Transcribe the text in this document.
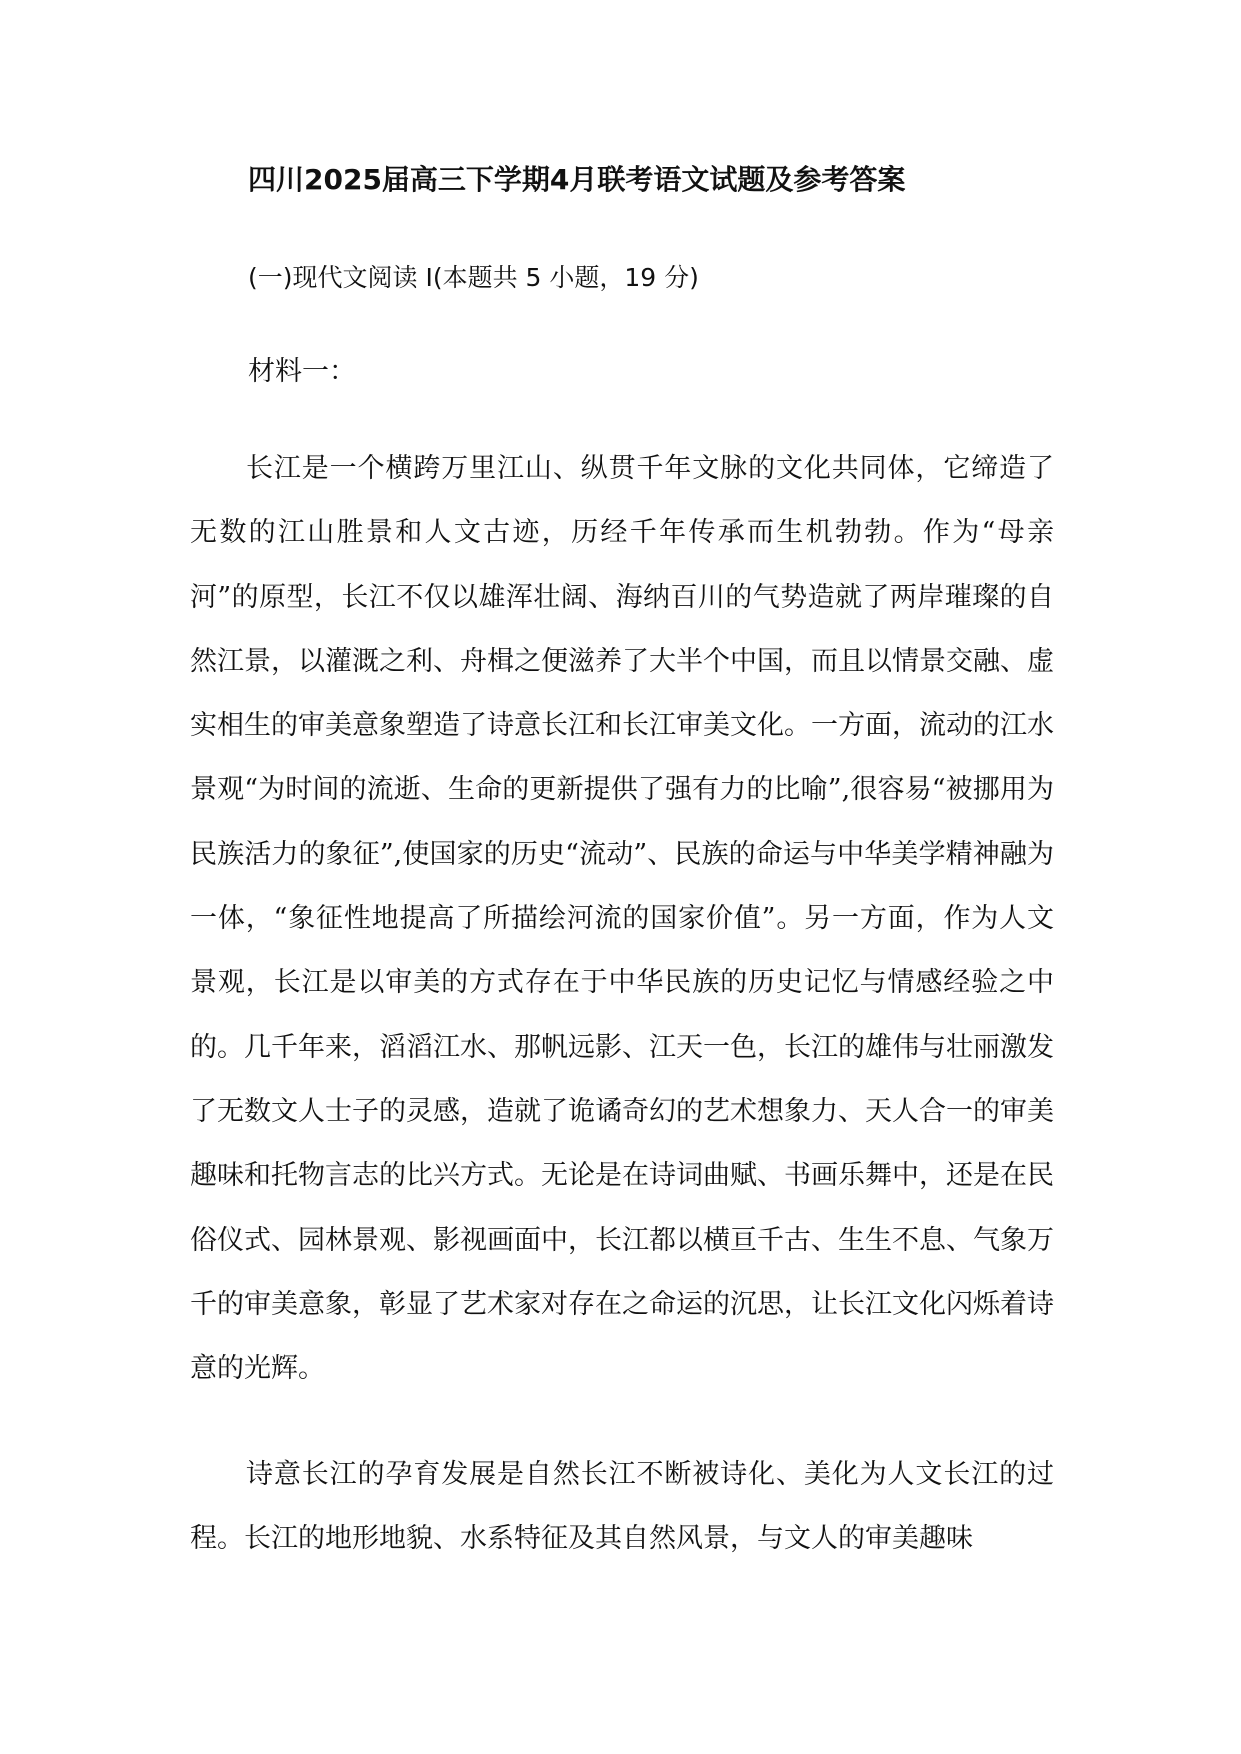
四川2025届高三下学期4月联考语文试题及参考答案

(一)现代文阅读 I(本题共 5 小题，19 分)

材料一：

长江是一个横跨万里江山、纵贯千年文脉的文化共同体，它缔造了无数的江山胜景和人文古迹，历经千年传承而生机勃勃。作为“母亲河”的原型，长江不仅以雄浑壮阔、海纳百川的气势造就了两岸璀璨的自然江景，以灌溉之利、舟楫之便滋养了大半个中国，而且以情景交融、虚实相生的审美意象塑造了诗意长江和长江审美文化。一方面，流动的江水景观“为时间的流逝、生命的更新提供了强有力的比喻”,很容易“被挪用为民族活力的象征”,使国家的历史“流动”、民族的命运与中华美学精神融为一体，“象征性地提高了所描绘河流的国家价值”。另一方面，作为人文景观，长江是以审美的方式存在于中华民族的历史记忆与情感经验之中的。几千年来，滔滔江水、那帆远影、江天一色，长江的雄伟与壮丽激发了无数文人士子的灵感，造就了诡谲奇幻的艺术想象力、天人合一的审美趣味和托物言志的比兴方式。无论是在诗词曲赋、书画乐舞中，还是在民俗仪式、园林景观、影视画面中，长江都以横亘千古、生生不息、气象万千的审美意象，彰显了艺术家对存在之命运的沉思，让长江文化闪烁着诗意的光辉。

诗意长江的孕育发展是自然长江不断被诗化、美化为人文长江的过程。长江的地形地貌、水系特征及其自然风景，与文人的审美趣味
